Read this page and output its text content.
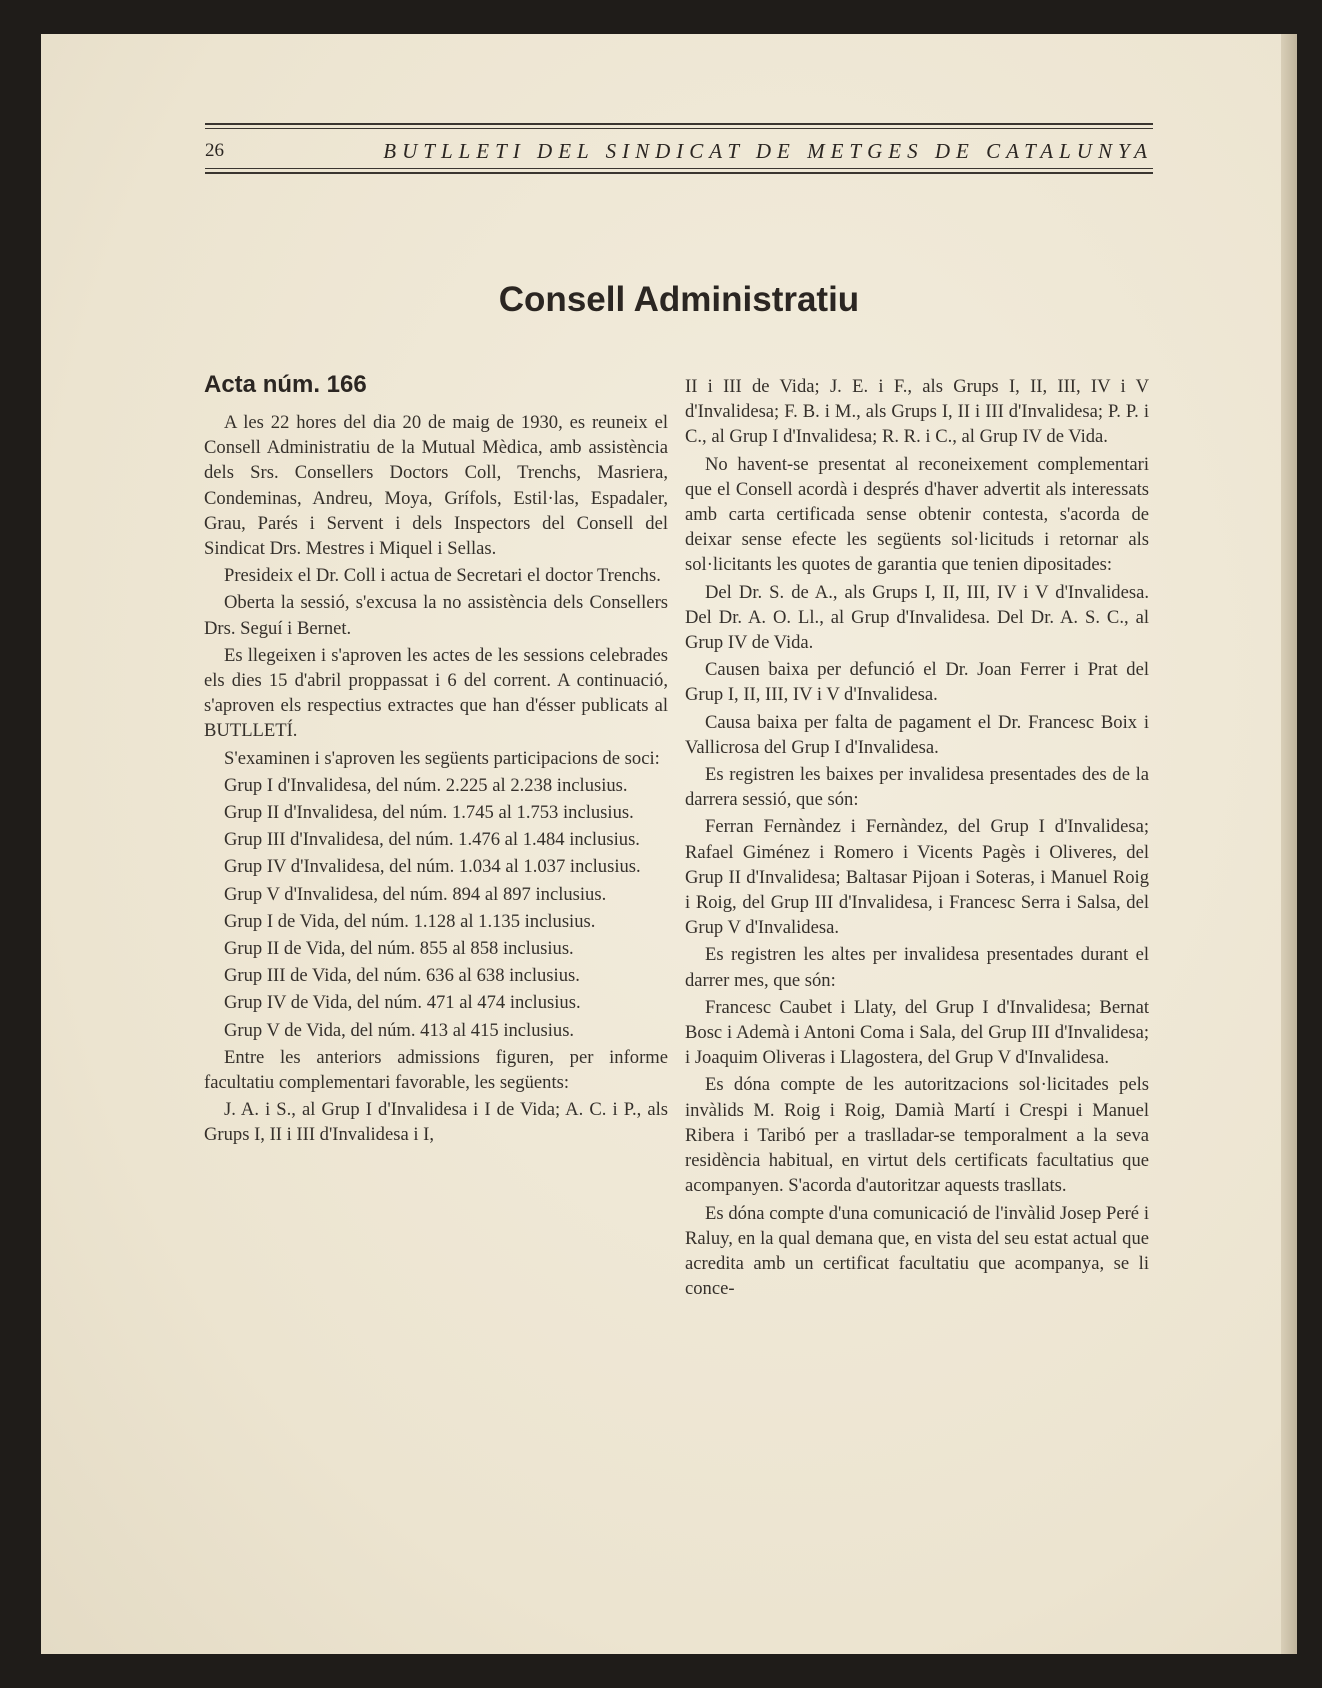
26	BUTLLETI DEL SINDICAT DE METGES DE CATALUNYA
Consell Administratiu
Acta núm. 166

A les 22 hores del dia 20 de maig de 1930, es reuneix el Consell Administratiu de la Mutual Mèdica, amb assistència dels Srs. Consellers Doctors Coll, Trenchs, Masriera, Condeminas, Andreu, Moya, Grífols, Estil·las, Espadaler, Grau, Parés i Servent i dels Inspectors del Consell del Sindicat Drs. Mestres i Miquel i Sellas.

Presideix el Dr. Coll i actua de Secretari el doctor Trenchs.

Oberta la sessió, s'excusa la no assistència dels Consellers Drs. Seguí i Bernet.

Es llegeixen i s'aproven les actes de les sessions celebrades els dies 15 d'abril proppassat i 6 del corrent. A continuació, s'aproven els respectius extractes que han d'ésser publicats al BUTLLETÍ.

S'examinen i s'aproven les següents participacions de soci:

Grup I d'Invalidesa, del núm. 2.225 al 2.238 inclusius.

Grup II d'Invalidesa, del núm. 1.745 al 1.753 inclusius.

Grup III d'Invalidesa, del núm. 1.476 al 1.484 inclusius.

Grup IV d'Invalidesa, del núm. 1.034 al 1.037 inclusius.

Grup V d'Invalidesa, del núm. 894 al 897 inclusius.

Grup I de Vida, del núm. 1.128 al 1.135 inclusius.

Grup II de Vida, del núm. 855 al 858 inclusius.

Grup III de Vida, del núm. 636 al 638 inclusius.

Grup IV de Vida, del núm. 471 al 474 inclusius.

Grup V de Vida, del núm. 413 al 415 inclusius.

Entre les anteriors admissions figuren, per informe facultatiu complementari favorable, les següents:

J. A. i S., al Grup I d'Invalidesa i I de Vida; A. C. i P., als Grups I, II i III d'Invalidesa i I,

II i III de Vida; J. E. i F., als Grups I, II, III, IV i V d'Invalidesa; F. B. i M., als Grups I, II i III d'Invalidesa; P. P. i C., al Grup I d'Invalidesa; R. R. i C., al Grup IV de Vida.

No havent-se presentat al reconeixement complementari que el Consell acordà i després d'haver advertit als interessats amb carta certificada sense obtenir contesta, s'acorda de deixar sense efecte les següents sol·licituds i retornar als sol·licitants les quotes de garantia que tenien dipositades:

Del Dr. S. de A., als Grups I, II, III, IV i V d'Invalidesa. Del Dr. A. O. Ll., al Grup d'Invalidesa. Del Dr. A. S. C., al Grup IV de Vida.

Causen baixa per defunció el Dr. Joan Ferrer i Prat del Grup I, II, III, IV i V d'Invalidesa.

Causa baixa per falta de pagament el Dr. Francesc Boix i Vallicrosa del Grup I d'Invalidesa.

Es registren les baixes per invalidesa presentades des de la darrera sessió, que són:

Ferran Fernàndez i Fernàndez, del Grup I d'Invalidesa; Rafael Giménez i Romero i Vicents Pagès i Oliveres, del Grup II d'Invalidesa; Baltasar Pijoan i Soteras, i Manuel Roig i Roig, del Grup III d'Invalidesa, i Francesc Serra i Salsa, del Grup V d'Invalidesa.

Es registren les altes per invalidesa presentades durant el darrer mes, que són:

Francesc Caubet i Llaty, del Grup I d'Invalidesa; Bernat Bosc i Ademà i Antoni Coma i Sala, del Grup III d'Invalidesa; i Joaquim Oliveras i Llagostera, del Grup V d'Invalidesa.

Es dóna compte de les autoritzacions sol·licitades pels invàlids M. Roig i Roig, Damià Martí i Crespi i Manuel Ribera i Taribó per a traslladar-se temporalment a la seva residència habitual, en virtut dels certificats facultatius que acompanyen. S'acorda d'autoritzar aquests trasllats.

Es dóna compte d'una comunicació de l'invàlid Josep Peré i Raluy, en la qual demana que, en vista del seu estat actual que acredita amb un certificat facultatiu que acompanya, se li conce-
